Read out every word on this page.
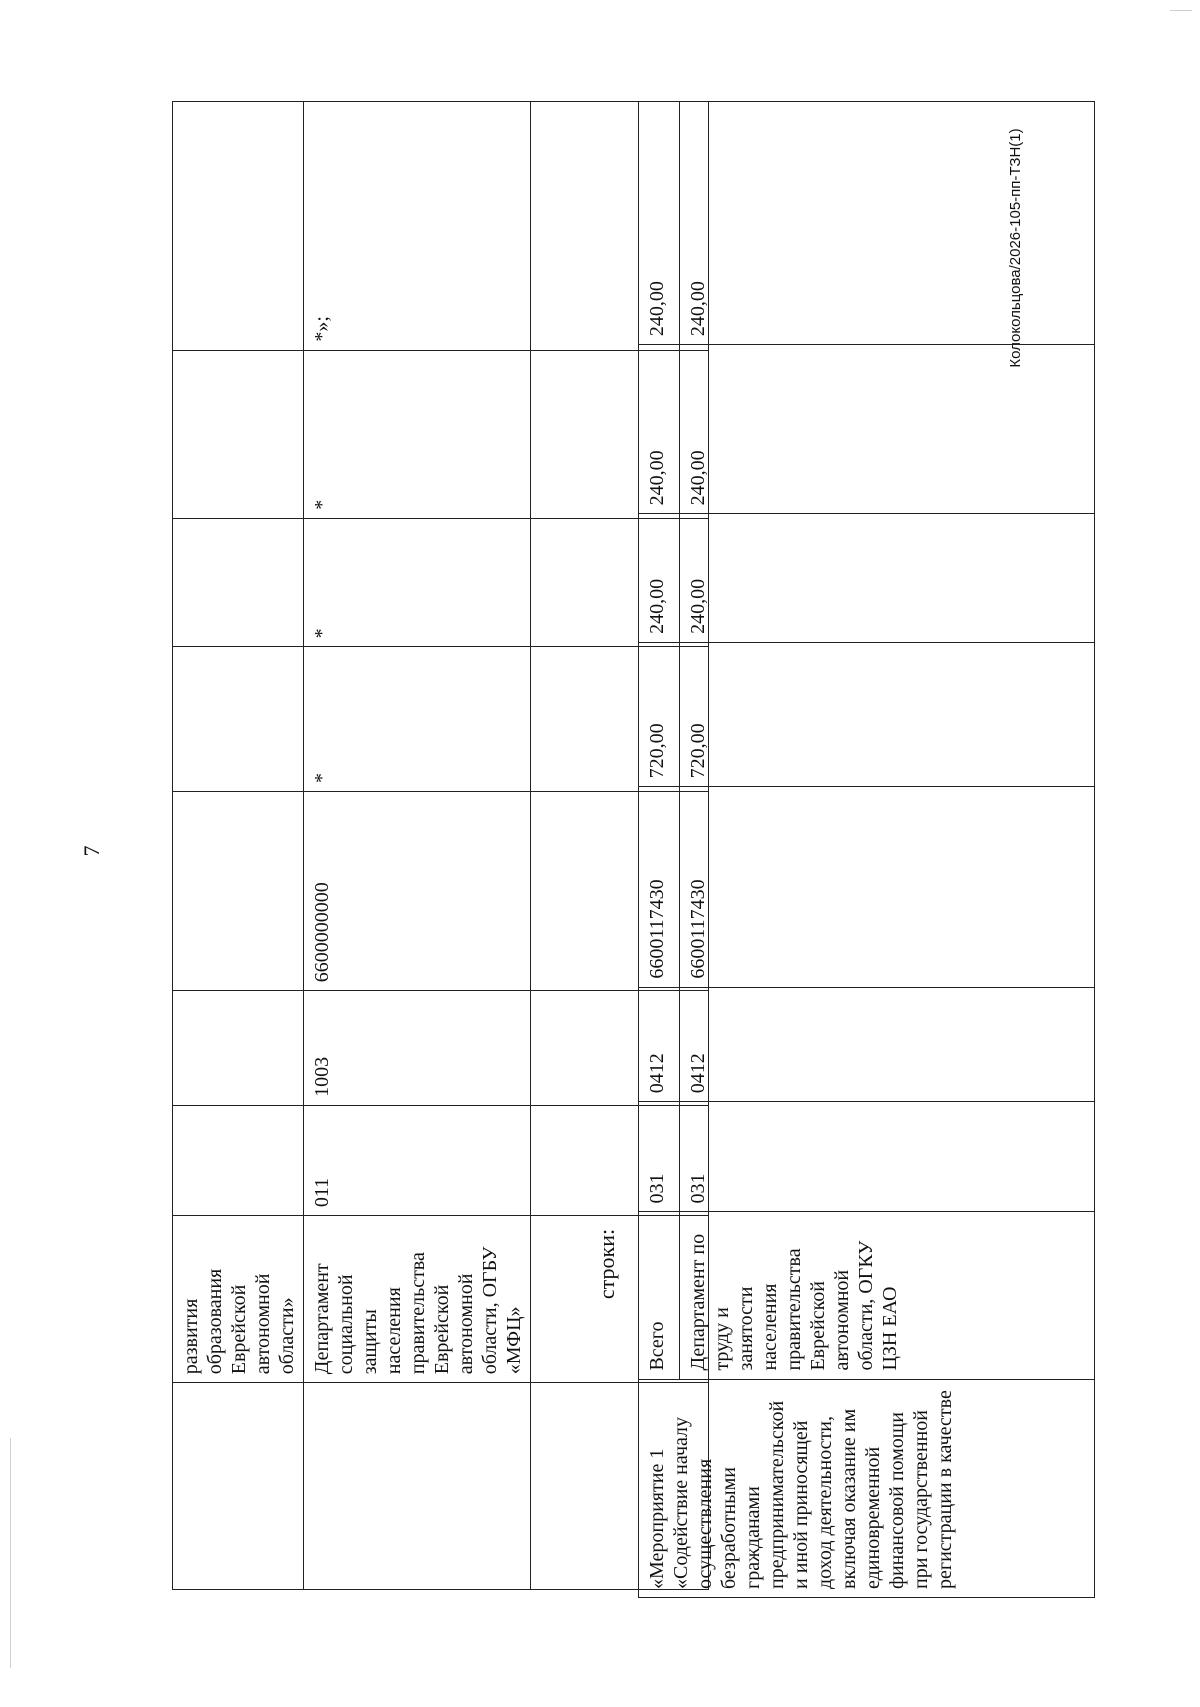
7
Колокольцова/2026-105-пп-ТЗН(1)
	развития образования Еврейской автономной области»							
	Департамент социальной защиты населения правительства Еврейской автономной области, ОГБУ «МФЦ»	011	1003	6600000000	*	*	*	*»;

строки:
«Мероприятие 1 «Содействие началу осуществления безработными гражданами предпринимательской и иной приносящей доход деятельности, включая оказание им единовременной финансовой помощи при государственной регистрации в качестве	Всего	031	0412	6600117430	720,00	240,00	240,00	240,00
	Департамент по труду и занятости населения правительства Еврейской автономной области, ОГКУ ЦЗН ЕАО	031	0412	6600117430	720,00	240,00	240,00	240,00
